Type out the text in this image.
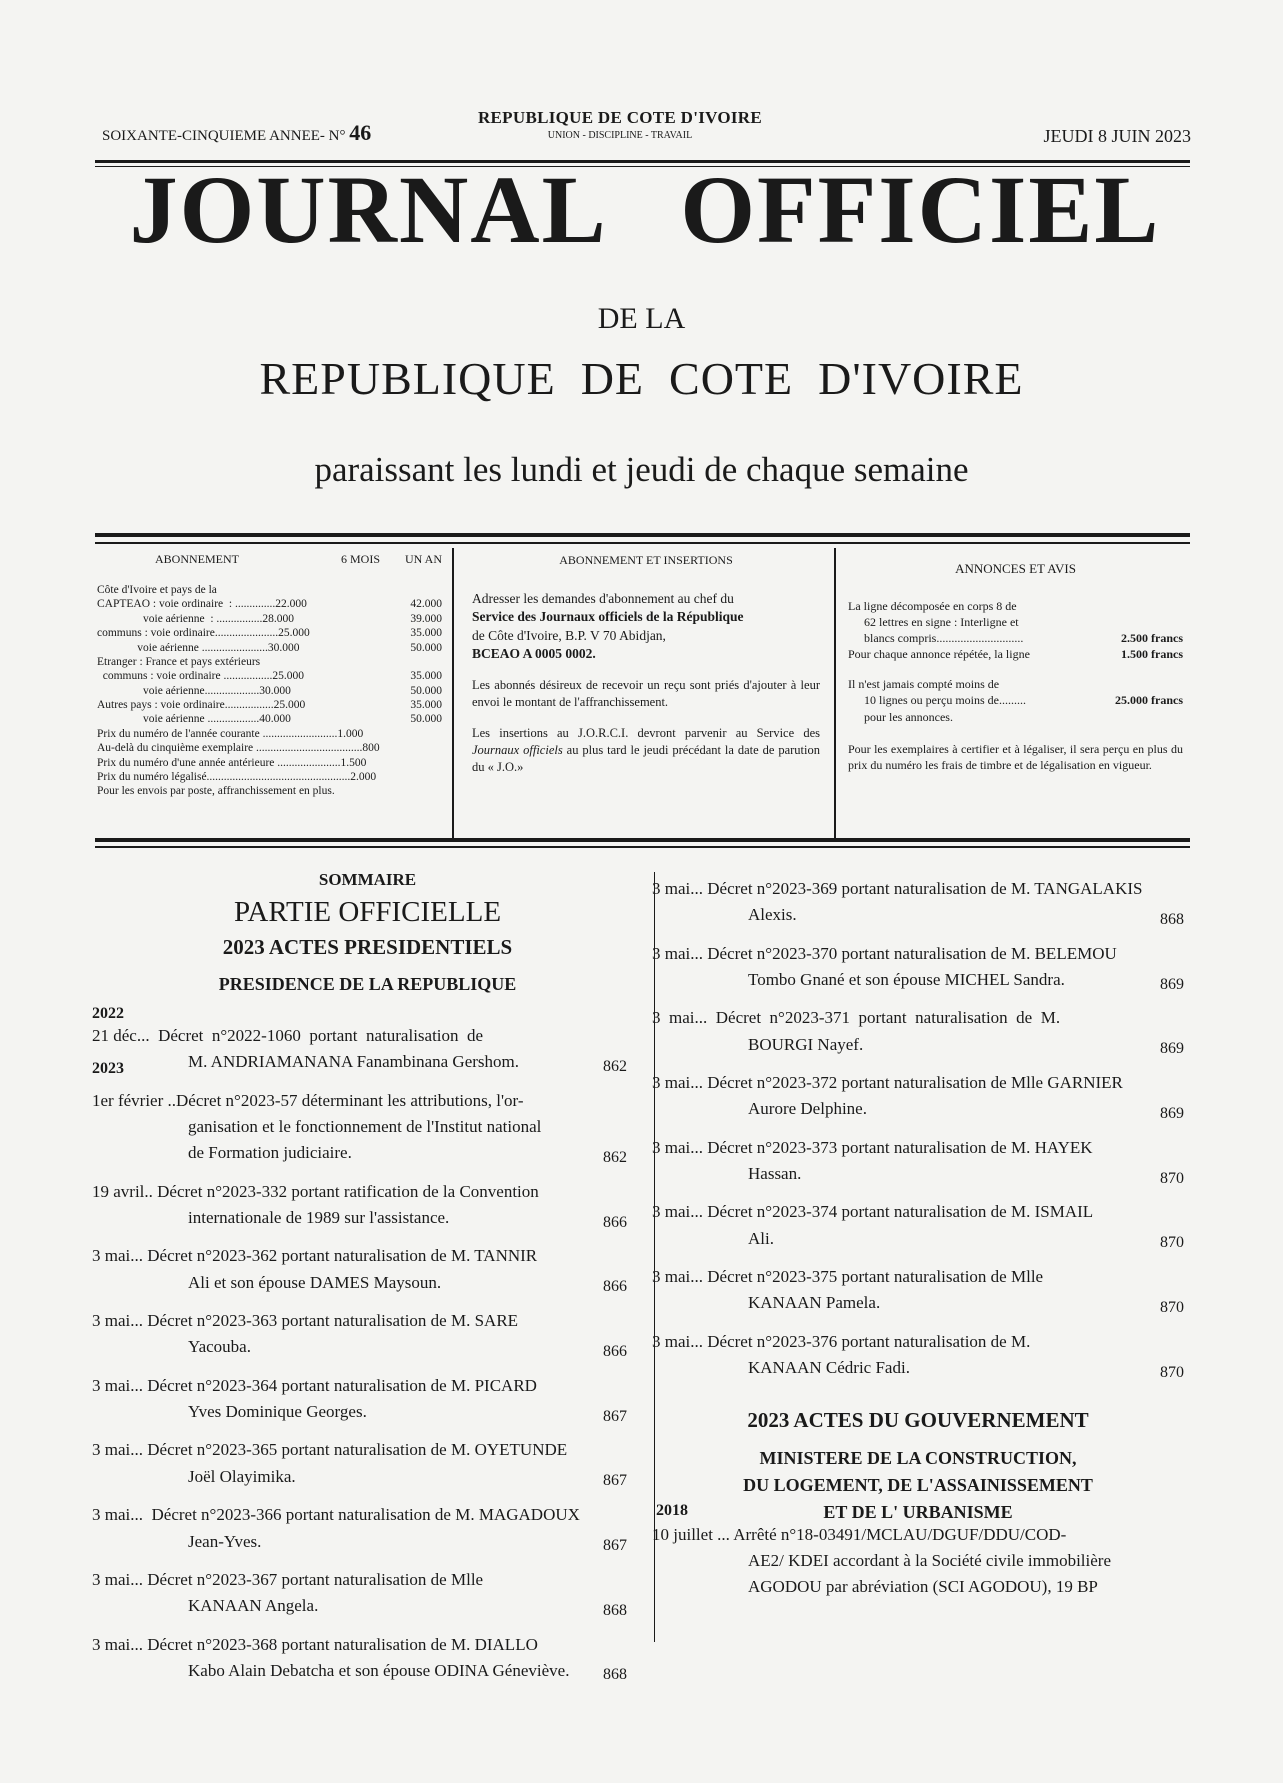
SOIXANTE-CINQUIEME ANNEE- N° 46
REPUBLIQUE DE COTE D'IVOIRE
UNION - DISCIPLINE - TRAVAIL	JEUDI 8 JUIN 2023
JOURNAL   OFFICIEL
DE LA
REPUBLIQUE  DE  COTE  D'IVOIRE
paraissant les lundi et jeudi de chaque semaine
ABONNEMENT	6 MOIS	UN AN
Côte d'Ivoire et pays de la
CAPTEAO : voie ordinaire  : ..............22.000	42.000
voie aérienne  : ................28.000	39.000
communs : voie ordinaire......................25.000	35.000
voie aérienne .......................30.000	50.000
Etranger : France et pays extérieurs
communs : voie ordinaire .................25.000	35.000
voie aérienne...................30.000	50.000
Autres pays : voie ordinaire.................25.000	35.000
voie aérienne ..................40.000	50.000
Prix du numéro de l'année courante ..........................1.000
Au-delà du cinquième exemplaire .....................................800
Prix du numéro d'une année antérieure ......................1.500
Prix du numéro légalisé..................................................2.000
Pour les envois par poste, affranchissement en plus.
ABONNEMENT ET INSERTIONS

Adresser les demandes d'abonnement au chef du
Service des Journaux officiels de la République
de Côte d'Ivoire, B.P. V 70 Abidjan,
BCEAO A 0005 0002.

Les abonnés désireux de recevoir un reçu sont priés d'ajouter à leur envoi le montant de l'affranchissement.

Les insertions au J.O.R.C.I. devront parvenir au Service des Journaux officiels au plus tard le jeudi précédant la date de parution du « J.O.»

ANNONCES ET AVIS
La ligne décomposée en corps 8 de
62 lettres en signe : Interligne et
blancs compris.............................	2.500 francs
Pour chaque annonce répétée, la ligne	1.500 francs
Il n'est jamais compté moins de
10 lignes ou perçu moins de.........	25.000 francs
pour les annonces.
Pour les exemplaires à certifier et à légaliser, il sera perçu en plus du prix du numéro les frais de timbre et de légalisation en vigueur.
SOMMAIRE
PARTIE OFFICIELLE
2023 ACTES PRESIDENTIELS
PRESIDENCE DE LA REPUBLIQUE
2022
21 déc...  Décret  n°2022-1060  portant  naturalisation  de
M. ANDRIAMANANA Fanambinana Gershom.	862
2023
1er février ..Décret n°2023-57 déterminant les attributions, l'or-
ganisation et le fonctionnement de l'Institut national
de Formation judiciaire.	862
19 avril.. Décret n°2023-332 portant ratification de la Convention
internationale de 1989 sur l'assistance.	866
3 mai... Décret n°2023-362 portant naturalisation de M. TANNIR
Ali et son épouse DAMES Maysoun.	866
3 mai... Décret n°2023-363 portant naturalisation de M. SARE
Yacouba.	866
3 mai... Décret n°2023-364 portant naturalisation de M. PICARD
Yves Dominique Georges.	867
3 mai... Décret n°2023-365 portant naturalisation de M. OYETUNDE
Joël Olayimika.	867
3 mai...  Décret n°2023-366 portant naturalisation de M. MAGADOUX
Jean-Yves.	867
3 mai... Décret n°2023-367 portant naturalisation de Mlle
KANAAN Angela.	868
3 mai... Décret n°2023-368 portant naturalisation de M. DIALLO
Kabo Alain Debatcha et son épouse ODINA Géneviève.	868
3 mai... Décret n°2023-369 portant naturalisation de M. TANGALAKIS
Alexis.	868
3 mai... Décret n°2023-370 portant naturalisation de M. BELEMOU
Tombo Gnané et son épouse MICHEL Sandra.	869
3  mai...  Décret  n°2023-371  portant  naturalisation  de  M.
BOURGI Nayef.	869
3 mai... Décret n°2023-372 portant naturalisation de Mlle GARNIER
Aurore Delphine.	869
3 mai... Décret n°2023-373 portant naturalisation de M. HAYEK
Hassan.	870
3 mai... Décret n°2023-374 portant naturalisation de M. ISMAIL
Ali.	870
3 mai... Décret n°2023-375 portant naturalisation de Mlle
KANAAN Pamela.	870
3 mai... Décret n°2023-376 portant naturalisation de M.
KANAAN Cédric Fadi.	870
2023 ACTES DU GOUVERNEMENT
MINISTERE DE LA CONSTRUCTION,
DU LOGEMENT, DE L'ASSAINISSEMENT
ET DE L' URBANISME
2018
10 juillet ... Arrêté n°18-03491/MCLAU/DGUF/DDU/COD-
AE2/ KDEI accordant à la Société civile immobilière
AGODOU par abréviation (SCI AGODOU), 19 BP
